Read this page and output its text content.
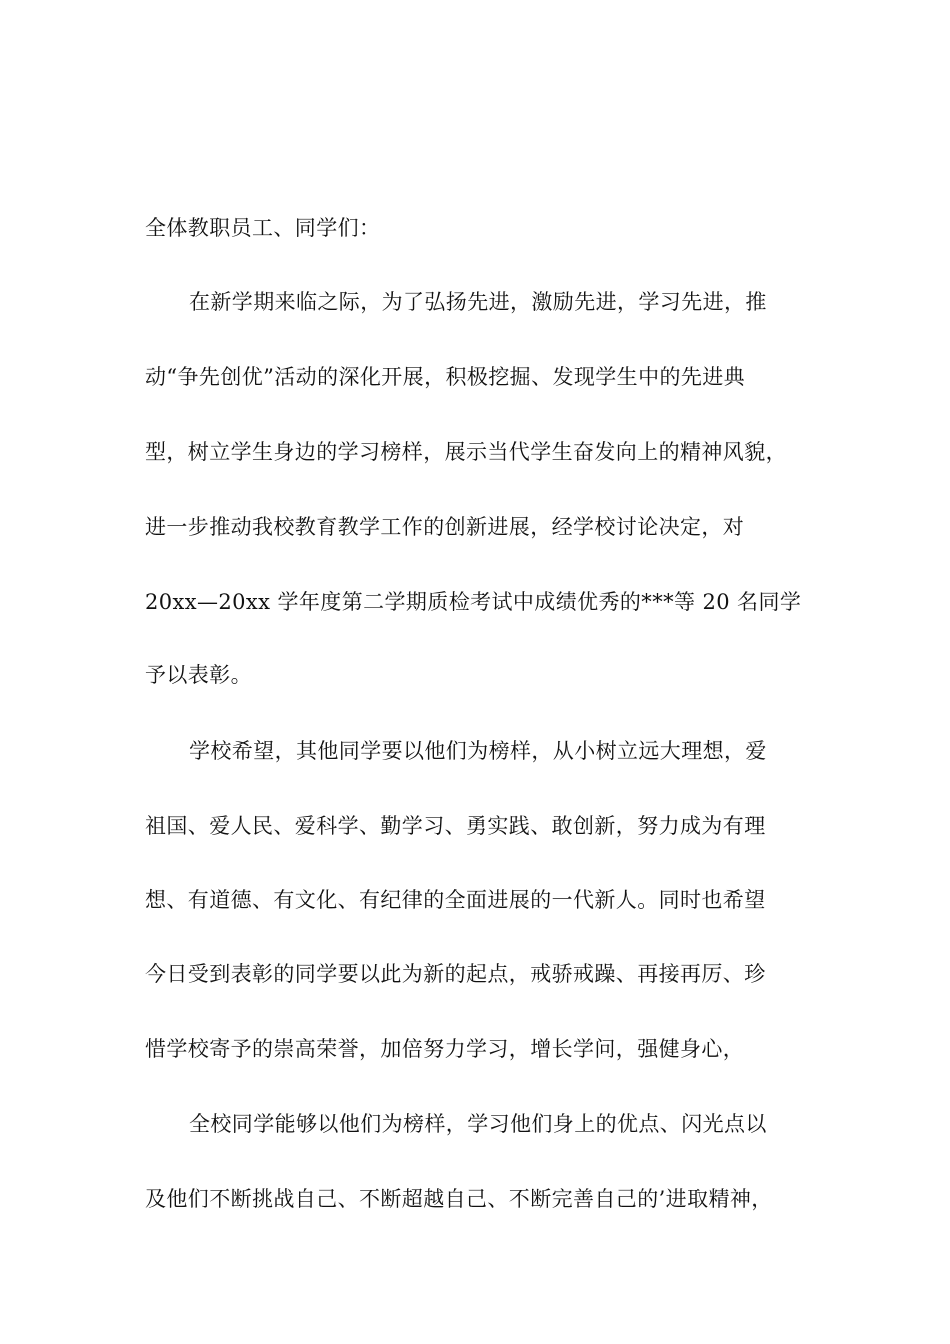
全体教职员工、同学们：
在新学期来临之际，为了弘扬先进，激励先进，学习先进，推
动“争先创优”活动的深化开展，积极挖掘、发现学生中的先进典
型，树立学生身边的学习榜样，展示当代学生奋发向上的精神风貌，
进一步推动我校教育教学工作的创新进展，经学校讨论决定，对
20xx—20xx 学年度第二学期质检考试中成绩优秀的***等 20 名同学
予以表彰。
学校希望，其他同学要以他们为榜样，从小树立远大理想，爱
祖国、爱人民、爱科学、勤学习、勇实践、敢创新，努力成为有理
想、有道德、有文化、有纪律的全面进展的一代新人。同时也希望
今日受到表彰的同学要以此为新的起点，戒骄戒躁、再接再厉、珍
惜学校寄予的崇高荣誉，加倍努力学习，增长学问，强健身心，
全校同学能够以他们为榜样，学习他们身上的优点、闪光点以
及他们不断挑战自己、不断超越自己、不断完善自己的’进取精神，
